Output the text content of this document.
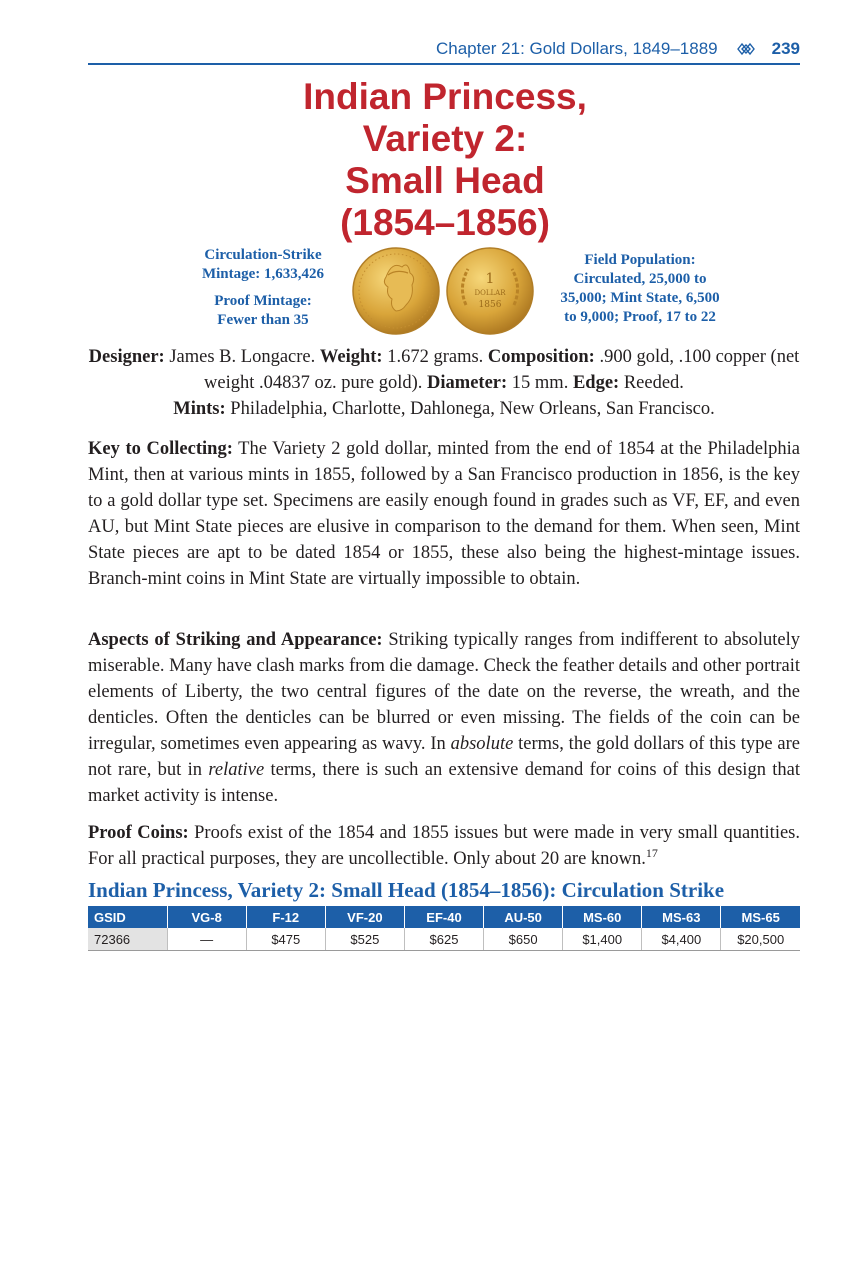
Chapter 21: Gold Dollars, 1849–1889	239
Indian Princess,
Variety 2:
Small Head
(1854–1856)

Circulation-Strike
Mintage: 1,633,426

Proof Mintage:
Fewer than 35

1
DOLLAR
1856
Field Population:
Circulated, 25,000 to
35,000; Mint State, 6,500
to 9,000; Proof, 17 to 22
Designer: James B. Longacre. Weight: 1.672 grams. Composition: .900 gold, .100 copper (net weight .04837 oz. pure gold). Diameter: 15 mm. Edge: Reeded.
Mints: Philadelphia, Charlotte, Dahlonega, New Orleans, San Francisco.

Key to Collecting: The Variety 2 gold dollar, minted from the end of 1854 at the Philadelphia Mint, then at various mints in 1855, followed by a San Francisco production in 1856, is the key to a gold dollar type set. Specimens are easily enough found in grades such as VF, EF, and even AU, but Mint State pieces are elusive in comparison to the demand for them. When seen, Mint State pieces are apt to be dated 1854 or 1855, these also being the highest-mintage issues. Branch-mint coins in Mint State are virtually impossible to obtain.

Aspects of Striking and Appearance: Striking typically ranges from indifferent to absolutely miserable. Many have clash marks from die damage. Check the feather details and other portrait elements of Liberty, the two central figures of the date on the reverse, the wreath, and the denticles. Often the denticles can be blurred or even missing. The fields of the coin can be irregular, sometimes even appearing as wavy. In absolute terms, the gold dollars of this type are not rare, but in relative terms, there is such an extensive demand for coins of this design that market activity is intense.

Proof Coins: Proofs exist of the 1854 and 1855 issues but were made in very small quantities. For all practical purposes, they are uncollectible. Only about 20 are known.$^{17}$

Indian Princess, Variety 2: Small Head (1854–1856): Circulation Strike
GSID	VG-8	F-12	VF-20	EF-40	AU-50	MS-60	MS-63	MS-65
72366	—	$475	$525	$625	$650	$1,400	$4,400	$20,500
